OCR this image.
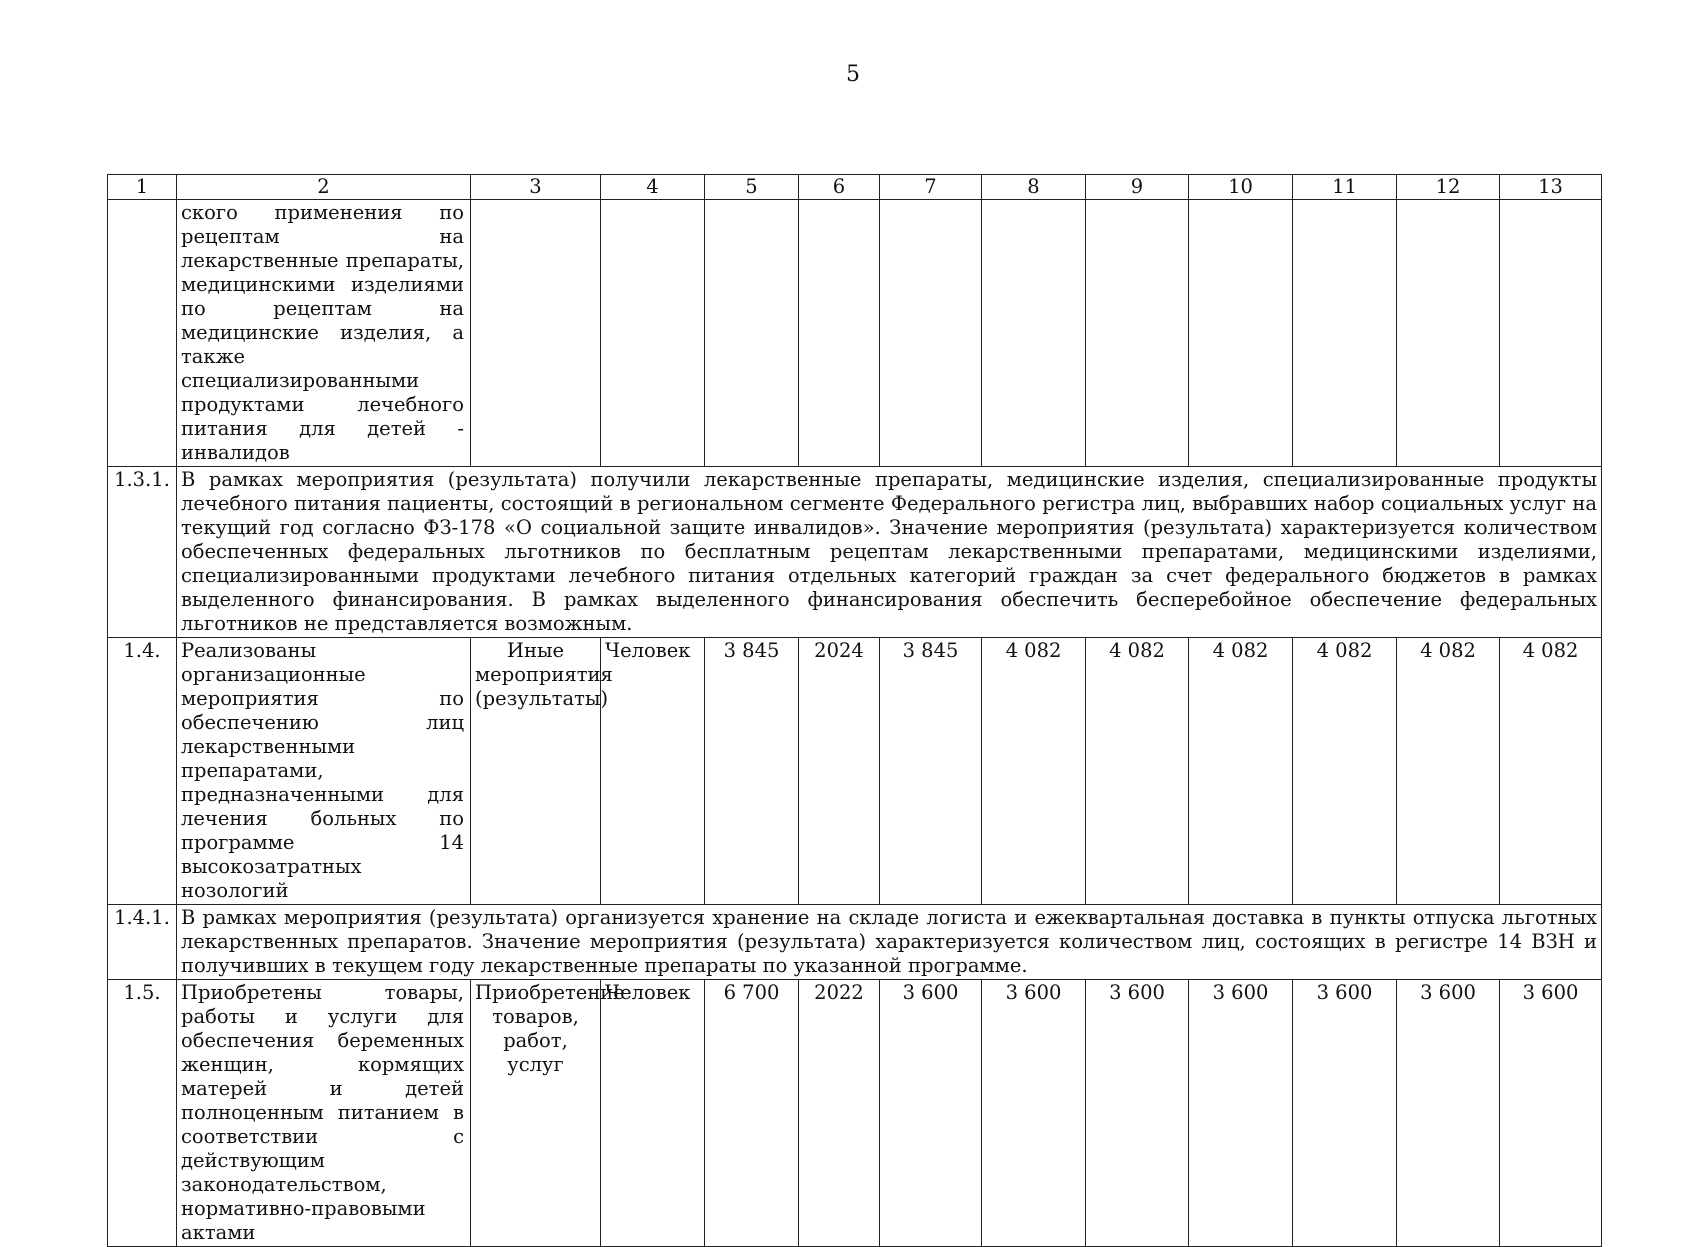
5
1	2	3	4	5	6	7	8	9	10	11	12	13
	ского применения по рецептам на лекарственные препараты, медицинскими изделиями по рецептам на медицинские изделия, а также специализированными продуктами лечебного питания для детей - инвалидов											
1.3.1.	В рамках мероприятия (результата) получили лекарственные препараты, медицинские изделия, специализированные продукты лечебного питания пациенты, состоящий в региональном сегменте Федерального регистра лиц, выбравших набор социальных услуг на текущий год согласно ФЗ-178 «О социальной защите инвалидов». Значение мероприятия (результата) характеризуется количеством обеспеченных федеральных льготников по бесплатным рецептам лекарственными препаратами, медицинскими изделиями, специализированными продуктами лечебного питания отдельных категорий граждан за счет федерального бюджетов в рамках выделенного финансирования. В рамках выделенного финансирования обеспечить бесперебойное обеспечение федеральных льготников не представляется возможным.											
1.4.	Реализованы организационные мероприятия по обеспечению лиц лекарственными препаратами, предназначенными для лечения больных по программе 14 высокозатратных нозологий	Иные мероприятия (результаты)	Человек	3 845	2024	3 845	4 082	4 082	4 082	4 082	4 082	4 082
1.4.1.	В рамках мероприятия (результата) организуется хранение на складе логиста и ежеквартальная доставка в пункты отпуска льготных лекарственных препаратов. Значение мероприятия (результата) характеризуется количеством лиц, состоящих в регистре 14 ВЗН и получивших в текущем году лекарственные препараты по указанной программе.											
1.5.	Приобретены товары, работы и услуги для обеспечения беременных женщин, кормящих матерей и детей полноценным питанием в соответствии с действующим законодательством, нормативно-правовыми актами	Приобретение товаров, работ, услуг	Человек	6 700	2022	3 600	3 600	3 600	3 600	3 600	3 600	3 600
